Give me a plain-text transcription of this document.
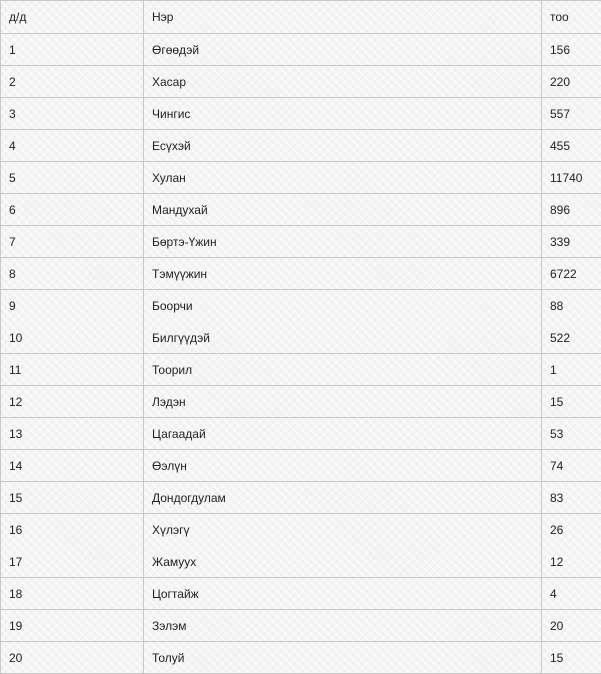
д/д	Нэр	тоо
1	Өгөөдэй	156
2	Хасар	220
3	Чингис	557
4	Есүхэй	455
5	Хулан	11740
6	Мандухай	896
7	Бөртэ-Үжин	339
8	Тэмүүжин	6722
9	Боорчи	88
10	Билгүүдэй	522
11	Тоорил	1
12	Лэдэн	15
13	Цагаадай	53
14	Өэлүн	74
15	Дондогдулам	83
16	Хүлэгү	26
17	Жамуух	12
18	Цогтайж	4
19	Зэлэм	20
20	Толуй	15
